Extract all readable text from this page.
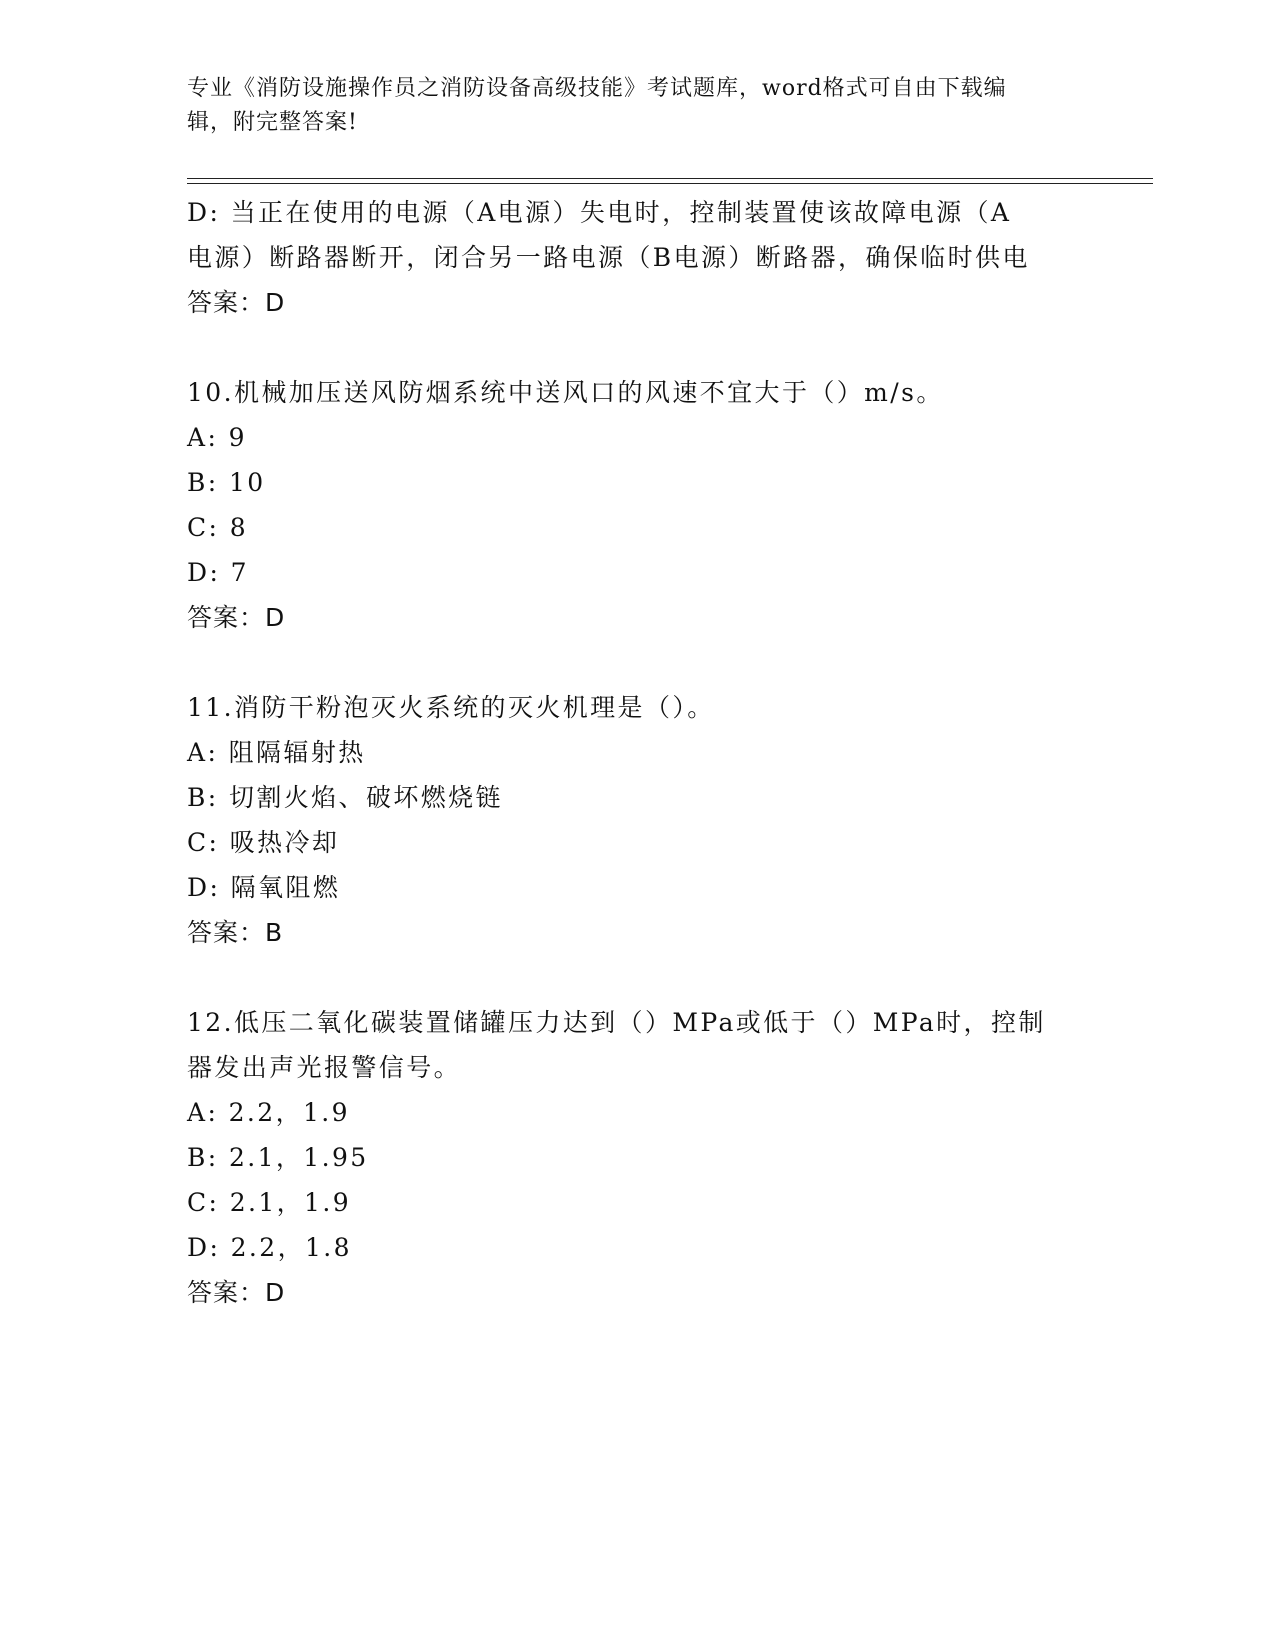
专业《消防设施操作员之消防设备高级技能》考试题库，word格式可自由下载编
辑，附完整答案!
D: 当正在使用的电源（A电源）失电时，控制装置使该故障电源（A
电源）断路器断开，闭合另一路电源（B电源）断路器，确保临时供电
答案：D
10.机械加压送风防烟系统中送风口的风速不宜大于（）m/s。
A: 9
B: 10
C: 8
D: 7
答案：D
11.消防干粉泡灭火系统的灭火机理是（）。
A: 阻隔辐射热
B: 切割火焰、破坏燃烧链
C: 吸热冷却
D: 隔氧阻燃
答案：B
12.低压二氧化碳装置储罐压力达到（）MPa或低于（）MPa时，控制
器发出声光报警信号。
A: 2.2，1.9
B: 2.1，1.95
C: 2.1，1.9
D: 2.2，1.8
答案：D
